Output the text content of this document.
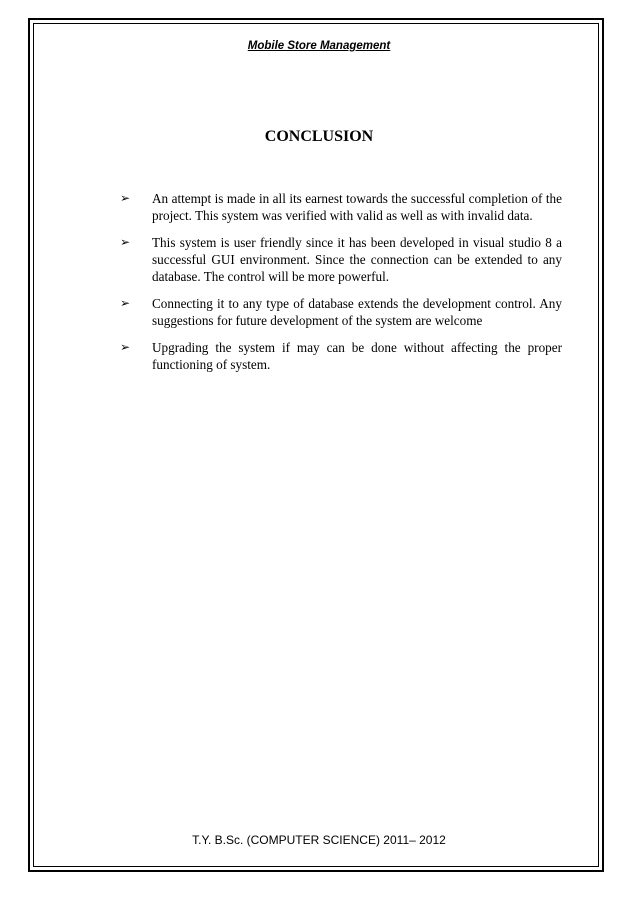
Mobile Store Management
CONCLUSION
➢ An attempt is made in all its earnest towards the successful completion of the project. This system was verified with valid as well as with invalid data.
➢ This system is user friendly since it has been developed in visual studio 8 a successful GUI environment. Since the connection can be extended to any database. The control will be more powerful.
➢ Connecting it to any type of database extends the development control. Any suggestions for future development of the system are welcome
➢ Upgrading the system if may can be done without affecting the proper functioning of system.
T.Y. B.Sc. (COMPUTER SCIENCE) 2011– 2012
